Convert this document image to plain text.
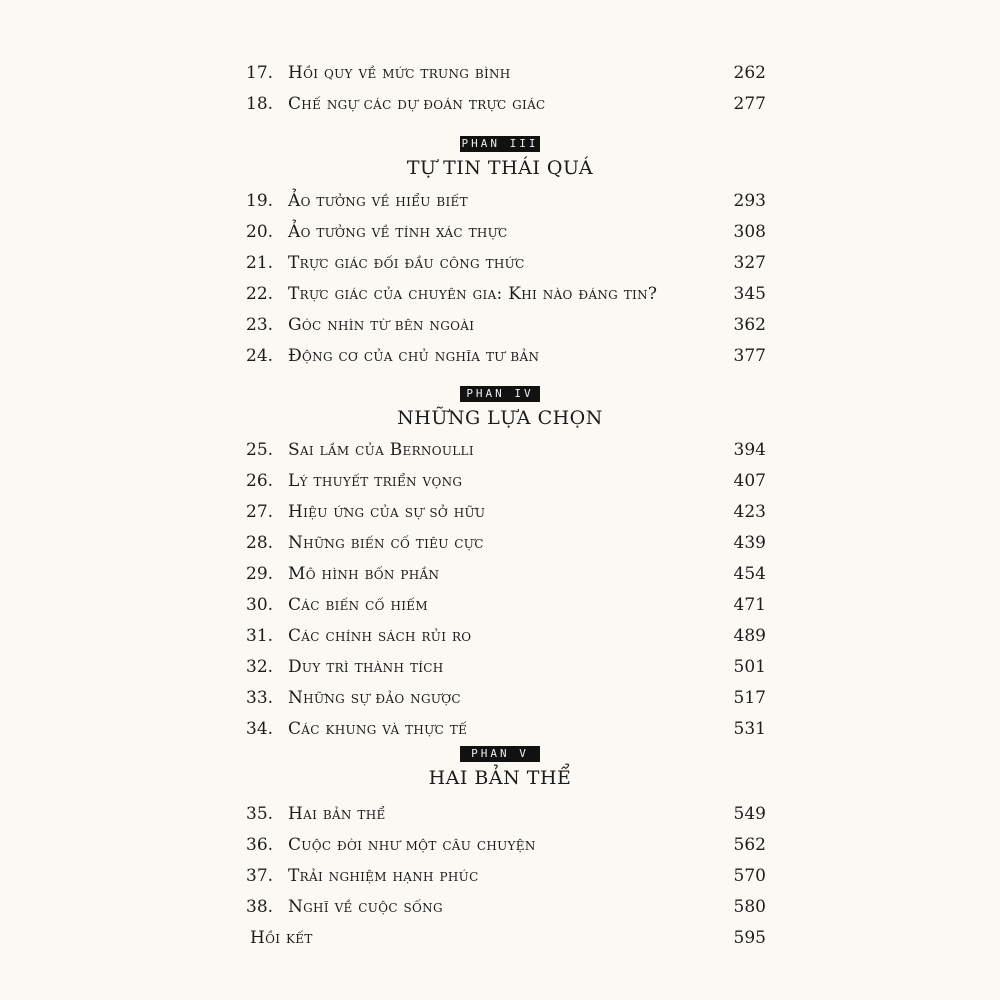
17. Hồi quy về mức trung bình	262
18. Chế ngự các dự đoán trực giác	277
PHAN III
TỰ TIN THÁI QUÁ
19. Ảo tưởng về hiểu biết	293
20. Ảo tưởng về tính xác thực	308
21. Trực giác đối đầu công thức	327
22. Trực giác của chuyên gia: Khi nào đáng tin?	345
23. Góc nhìn từ bên ngoài	362
24. Động cơ của chủ nghĩa tư bản	377
PHAN IV
NHỮNG LỰA CHỌN
25. Sai lầm của Bernoulli	394
26. Lý thuyết triển vọng	407
27. Hiệu ứng của sự sở hữu	423
28. Những biến cố tiêu cực	439
29. Mô hình bốn phần	454
30. Các biến cố hiếm	471
31. Các chính sách rủi ro	489
32. Duy trì thành tích	501
33. Những sự đảo ngược	517
34. Các khung và thực tế	531
PHAN V
HAI BẢN THỂ
35. Hai bản thể	549
36. Cuộc đời như một câu chuyện	562
37. Trải nghiệm hạnh phúc	570
38. Nghĩ về cuộc sống	580
Hồi kết	595
